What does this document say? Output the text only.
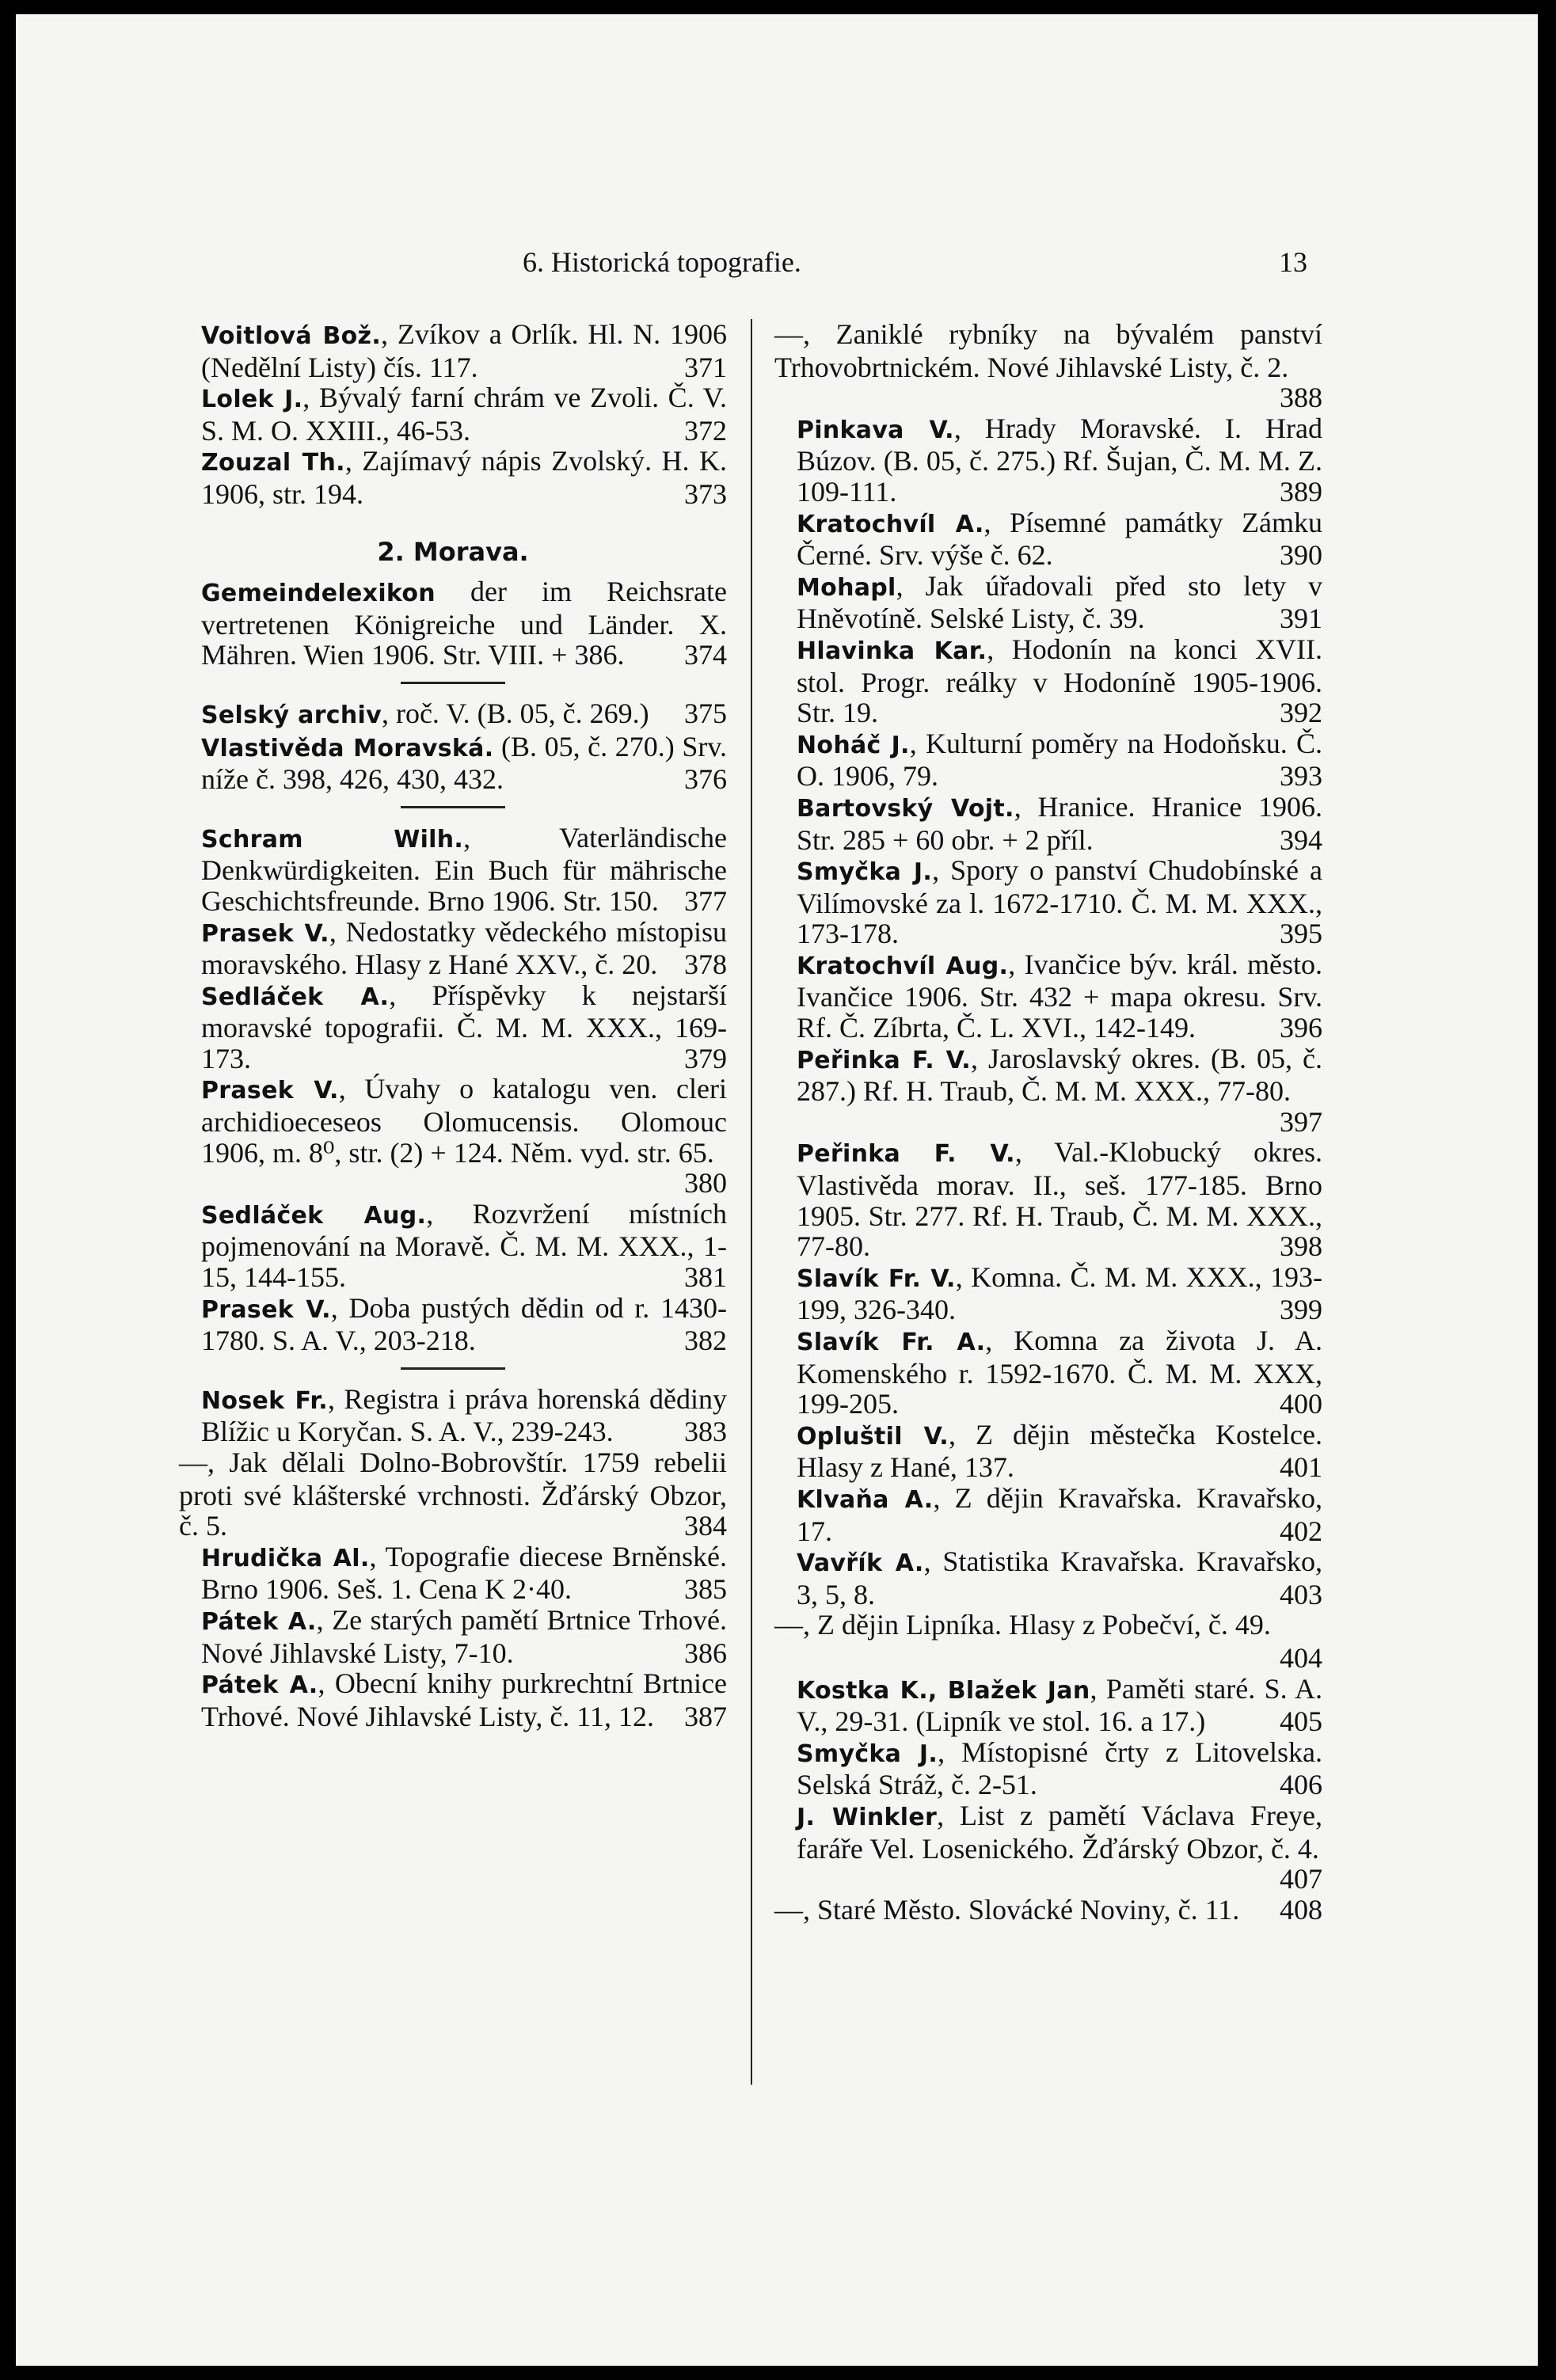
6. Historická topografie.	13
Voitlová Bož., Zvíkov a Orlík. Hl. N. 1906 (Nedělní Listy) čís. 117.	371
Lolek J., Bývalý farní chrám ve Zvoli. Č. V. S. M. O. XXIII., 46-53.	372
Zouzal Th., Zajímavý nápis Zvolský. H. K. 1906, str. 194.	373
2. Morava.
Gemeindelexikon der im Reichsrate vertretenen Königreiche und Länder. X. Mähren. Wien 1906. Str. VIII. + 386.	374
Selský archiv, roč. V. (B. 05, č. 269.)	375
Vlastivěda Moravská. (B. 05, č. 270.) Srv. níže č. 398, 426, 430, 432.	376
Schram Wilh., Vaterländische Denkwürdigkeiten. Ein Buch für mährische Geschichtsfreunde. Brno 1906. Str. 150. 377
Prasek V., Nedostatky vědeckého místopisu moravského. Hlasy z Hané XXV., č. 20. 378
Sedláček A., Příspěvky k nejstarší moravské topografii. Č. M. M. XXX., 169-173.	379
Prasek V., Úvahy o katalogu ven. cleri archidioeceseos Olomucensis. Olomouc 1906, m. 8⁰, str. (2) + 124. Něm. vyd. str. 65.
380
Sedláček Aug., Rozvržení místních pojmenování na Moravě. Č. M. M. XXX., 1-15, 144-155.	381
Prasek V., Doba pustých dědin od r. 1430-1780. S. A. V., 203-218.	382
Nosek Fr., Registra i práva horenská dědiny Blížic u Koryčan. S. A. V., 239-243.	383
—, Jak dělali Dolno-Bobrovštír. 1759 rebelii proti své klášterské vrchnosti. Žďárský Obzor, č. 5.	384
Hrudička Al., Topografie diecese Brněnské. Brno 1906. Seš. 1. Cena K 2·40.	385
Pátek A., Ze starých pamětí Brtnice Trhové. Nové Jihlavské Listy, 7-10.	386
Pátek A., Obecní knihy purkrechtní Brtnice Trhové. Nové Jihlavské Listy, č. 11, 12.	387
—, Zaniklé rybníky na bývalém panství Trhovobrtnickém. Nové Jihlavské Listy, č. 2.
388
Pinkava V., Hrady Moravské. I. Hrad Búzov. (B. 05, č. 275.) Rf. Šujan, Č. M. M. Z. 109-111.	389
Kratochvíl A., Písemné památky Zámku Černé. Srv. výše č. 62.	390
Mohapl, Jak úřadovali před sto lety v Hněvotíně. Selské Listy, č. 39.	391
Hlavinka Kar., Hodonín na konci XVII. stol. Progr. reálky v Hodoníně 1905-1906. Str. 19.	392
Noháč J., Kulturní poměry na Hodoňsku. Č. O. 1906, 79.	393
Bartovský Vojt., Hranice. Hranice 1906. Str. 285 + 60 obr. + 2 příl.	394
Smyčka J., Spory o panství Chudobínské a Vilímovské za l. 1672-1710. Č. M. M. XXX., 173-178.	395
Kratochvíl Aug., Ivančice býv. král. město. Ivančice 1906. Str. 432 + mapa okresu. Srv. Rf. Č. Zíbrta, Č. L. XVI., 142-149.	396
Peřinka F. V., Jaroslavský okres. (B. 05, č. 287.) Rf. H. Traub, Č. M. M. XXX., 77-80.
397
Peřinka F. V., Val.-Klobucký okres. Vlastivěda morav. II., seš. 177-185. Brno 1905. Str. 277. Rf. H. Traub, Č. M. M. XXX., 77-80.	398
Slavík Fr. V., Komna. Č. M. M. XXX., 193-199, 326-340.	399
Slavík Fr. A., Komna za života J. A. Komenského r. 1592-1670. Č. M. M. XXX, 199-205.	400
Opluštil V., Z dějin městečka Kostelce. Hlasy z Hané, 137.	401
Klvaňa A., Z dějin Kravařska. Kravařsko, 17.	402
Vavřík A., Statistika Kravařska. Kravařsko, 3, 5, 8.	403
—, Z dějin Lipníka. Hlasy z Pobečví, č. 49.
404
Kostka K., Blažek Jan, Paměti staré. S. A. V., 29-31. (Lipník ve stol. 16. a 17.)	405
Smyčka J., Místopisné črty z Litovelska. Selská Stráž, č. 2-51.	406
J. Winkler, List z pamětí Václava Freye, faráře Vel. Losenického. Žďárský Obzor, č. 4.
407
—, Staré Město. Slovácké Noviny, č. 11.	408
